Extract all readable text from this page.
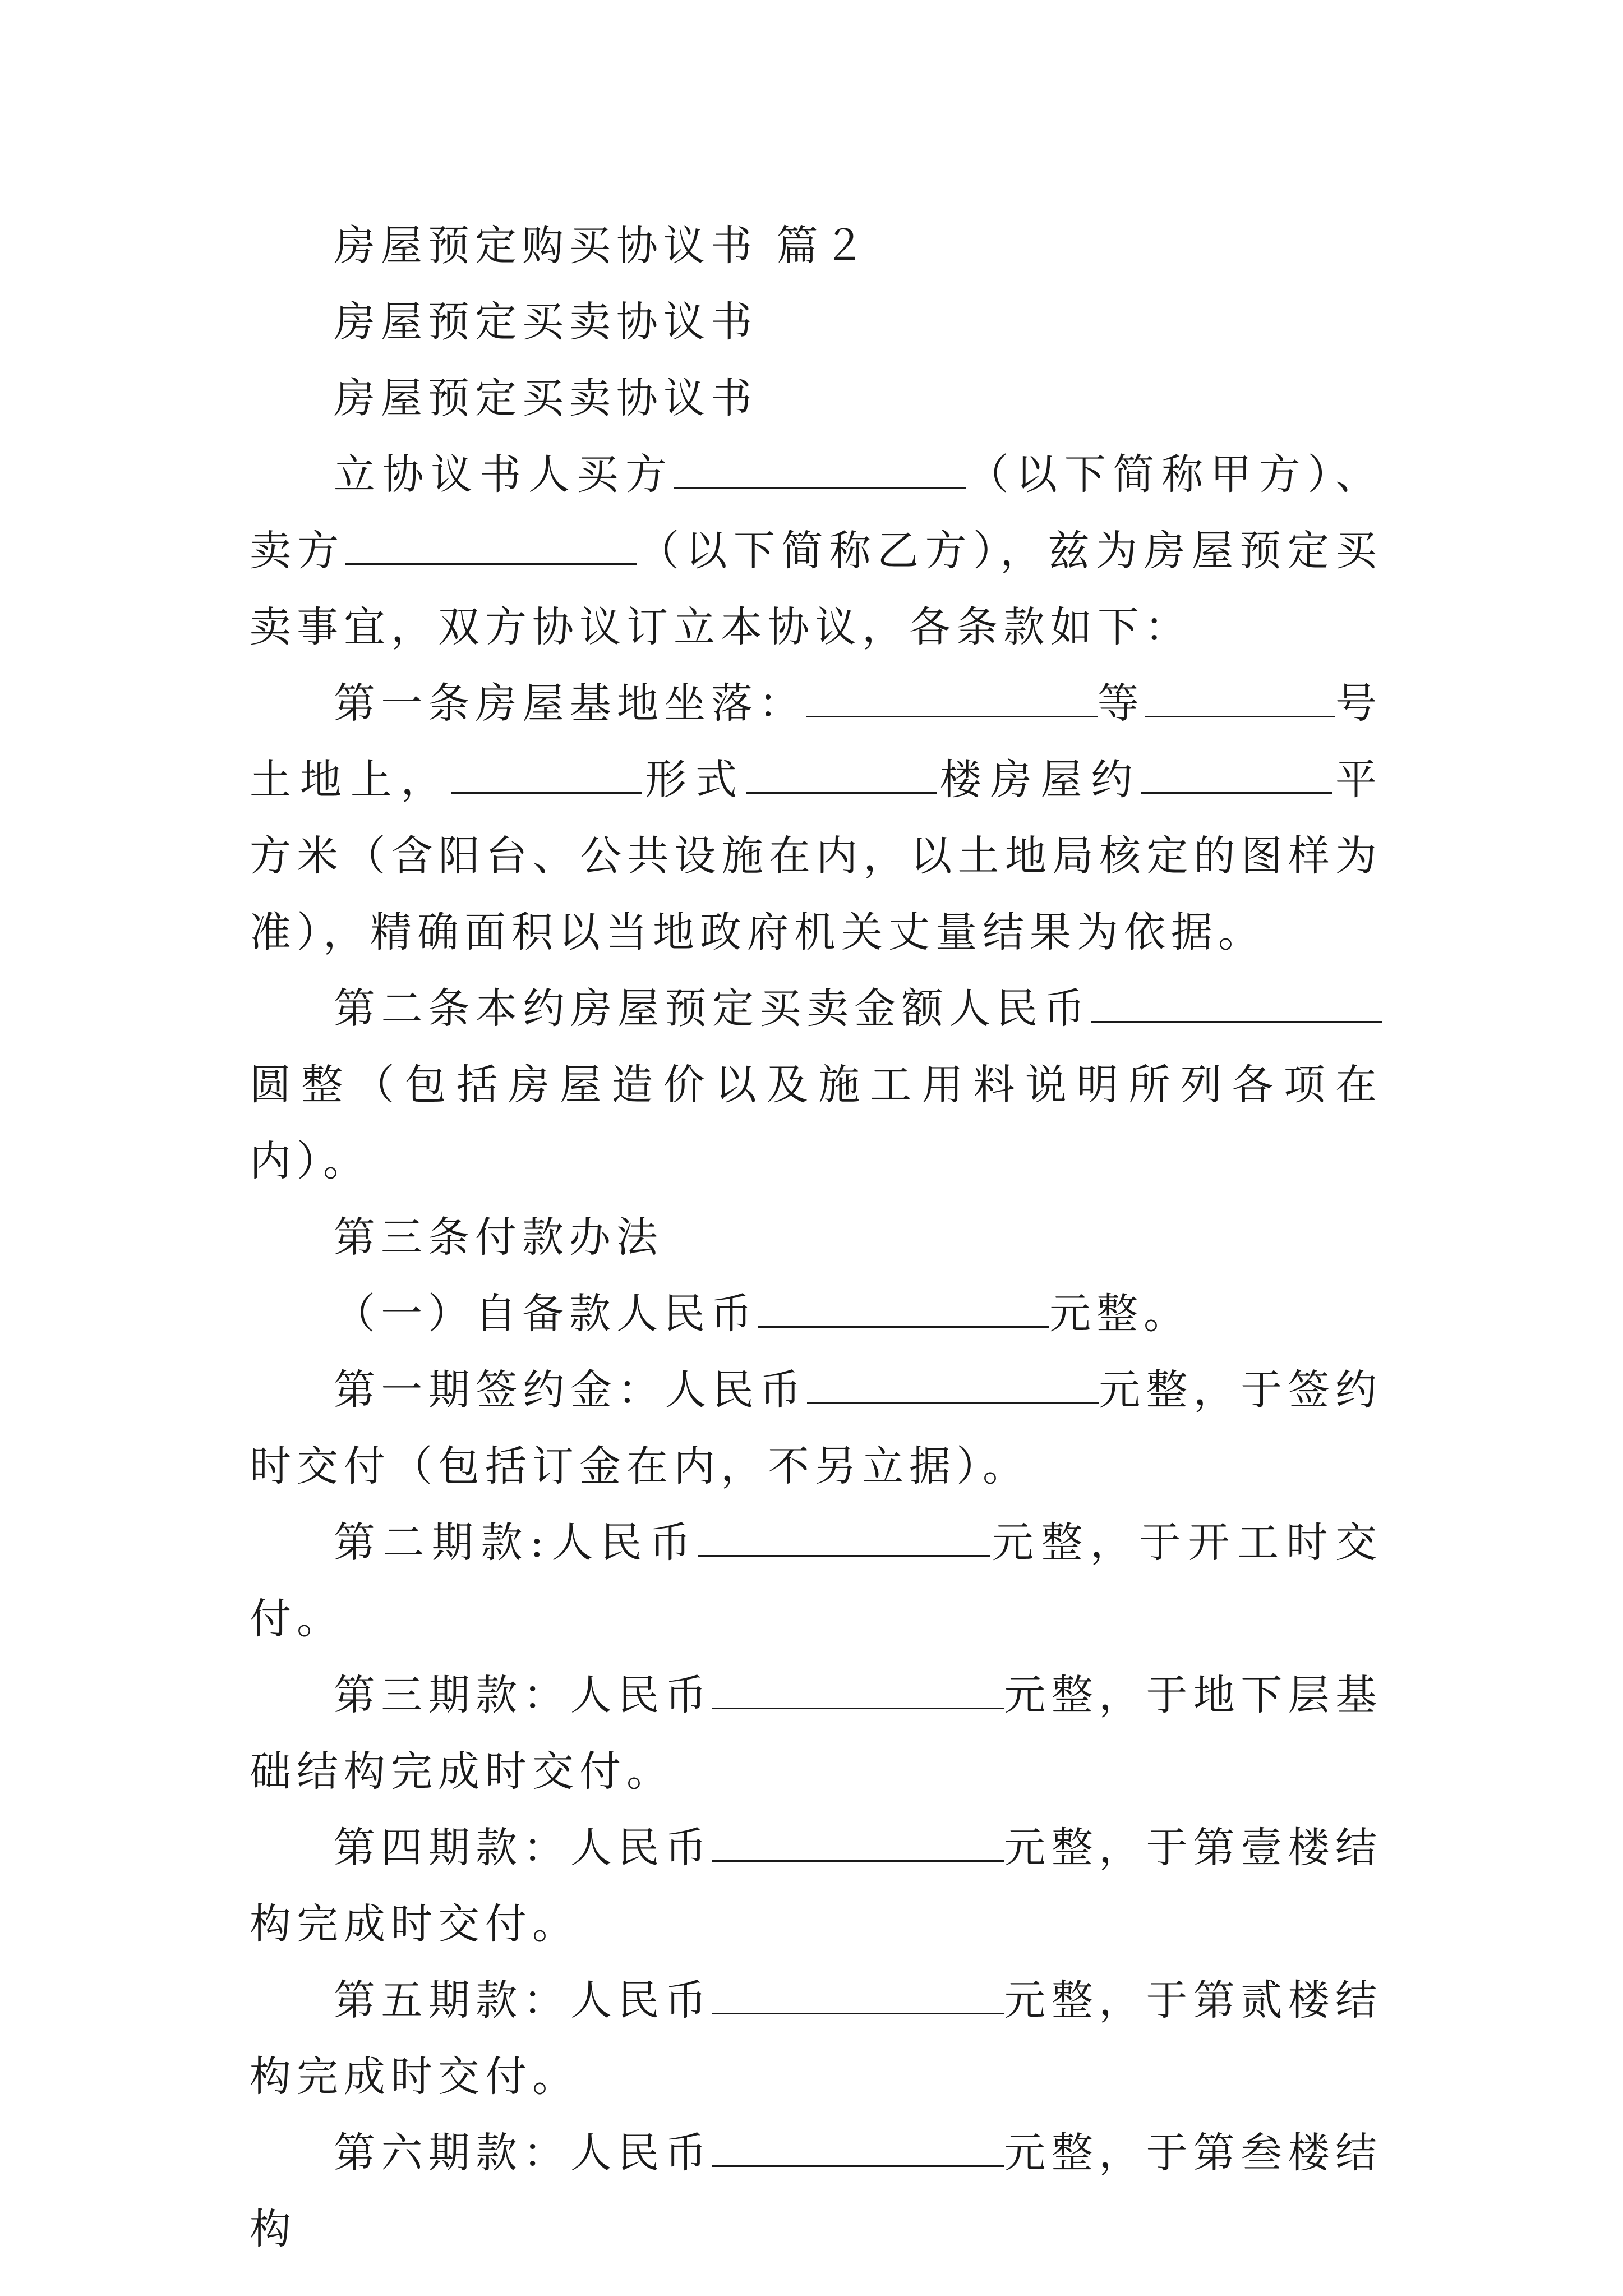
房屋预定购买协议书 篇２

房屋预定买卖协议书

房屋预定买卖协议书

立协议书人买方	（以下简称甲方）、卖方	（以下简称乙方），兹为房屋预定买卖事宜，双方协议订立本协议，各条款如下：

第一条房屋基地坐落：	等	号土地上，	形式	楼房屋约	平方米（含阳台、公共设施在内，以土地局核定的图样为准），精确面积以当地政府机关丈量结果为依据。

第二条本约房屋预定买卖金额人民币圆整（包括房屋造价以及施工用料说明所列各项在内）。

第三条付款办法

（一）自备款人民币	元整。

第一期签约金：人民币	元整，于签约时交付（包括订金在内，不另立据）。

第二期款:人民币	元整，于开工时交付。

第三期款：人民币	元整，于地下层基础结构完成时交付。

第四期款：人民币	元整，于第壹楼结构完成时交付。

第五期款：人民币	元整，于第贰楼结构完成时交付。

第六期款：人民币	元整，于第叁楼结构
